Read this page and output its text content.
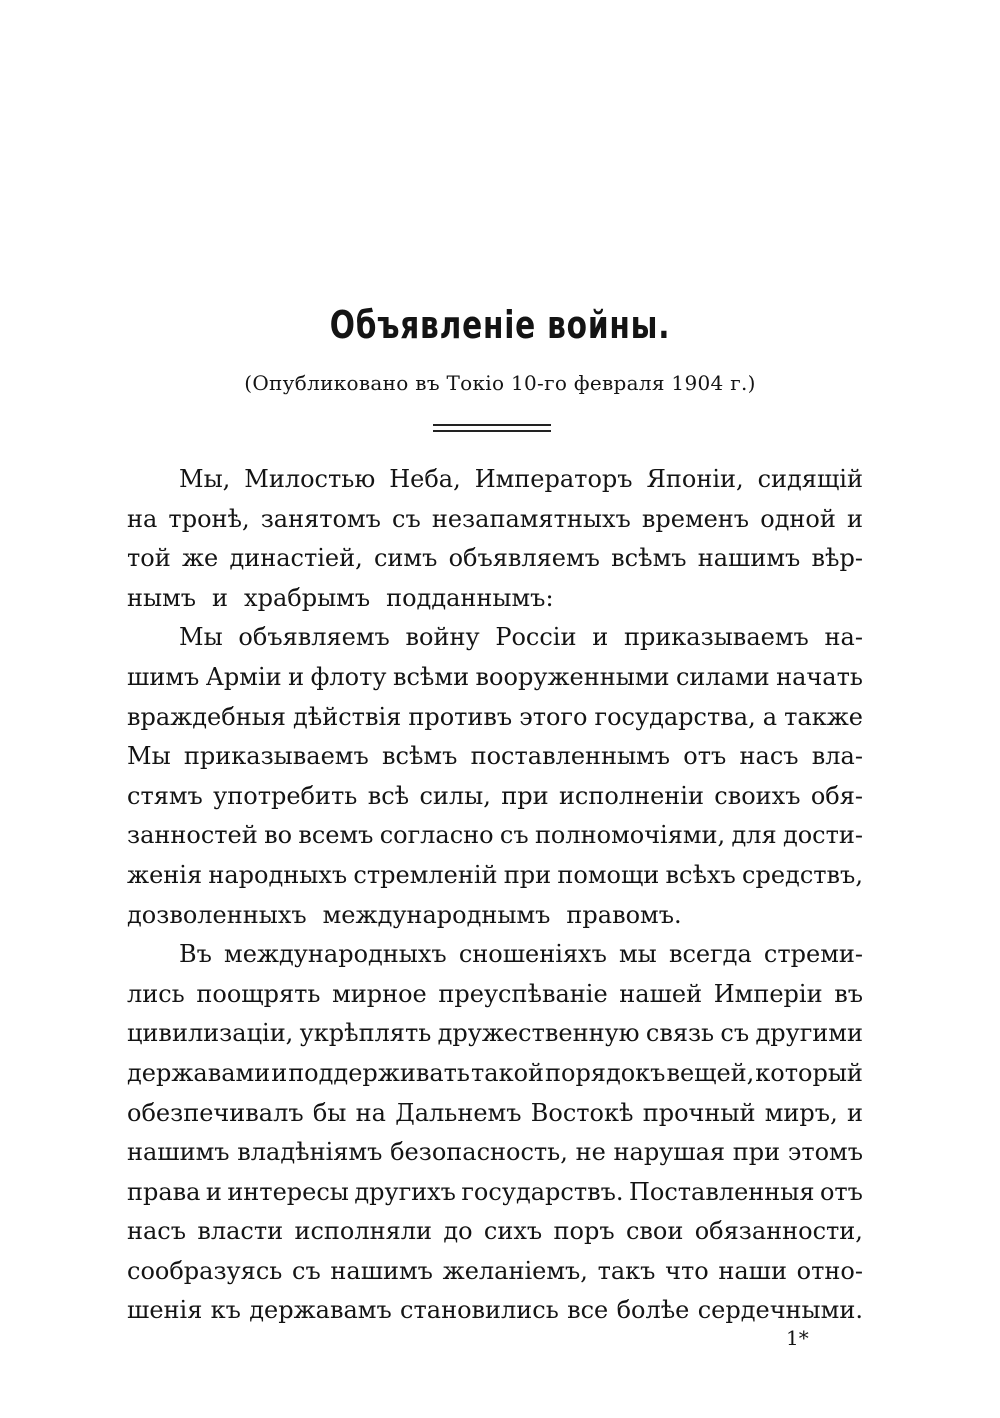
Объявленіе войны.
(Опубликовано въ Токіо 10-го февраля 1904 г.)
Мы, Милостью Неба, Императоръ Японіи, сидящій
на тронѣ, занятомъ съ незапамятныхъ временъ одной и
той же династіей, симъ объявляемъ всѣмъ нашимъ вѣр-
нымъ и храбрымъ подданнымъ:
Мы объявляемъ войну Россіи и приказываемъ на-
шимъ Арміи и флоту всѣми вооруженными силами начать
враждебныя дѣйствія противъ этого государства, а также
Мы приказываемъ всѣмъ поставленнымъ отъ насъ вла-
стямъ употребить всѣ силы, при исполненіи своихъ обя-
занностей во всемъ согласно съ полномочіями, для дости-
женія народныхъ стремленій при помощи всѣхъ средствъ,
дозволенныхъ международнымъ правомъ.
Въ международныхъ сношеніяхъ мы всегда стреми-
лись поощрять мирное преуспѣваніе нашей Имперіи въ
цивилизаціи, укрѣплять дружественную связь съ другими
державами и поддерживать такой порядокъ вещей, который
обезпечивалъ бы на Дальнемъ Востокѣ прочный миръ, и
нашимъ владѣніямъ безопасность, не нарушая при этомъ
права и интересы другихъ государствъ. Поставленныя отъ
насъ власти исполняли до сихъ поръ свои обязанности,
сообразуясь съ нашимъ желаніемъ, такъ что наши отно-
шенія къ державамъ становились все болѣе сердечными.
1*
